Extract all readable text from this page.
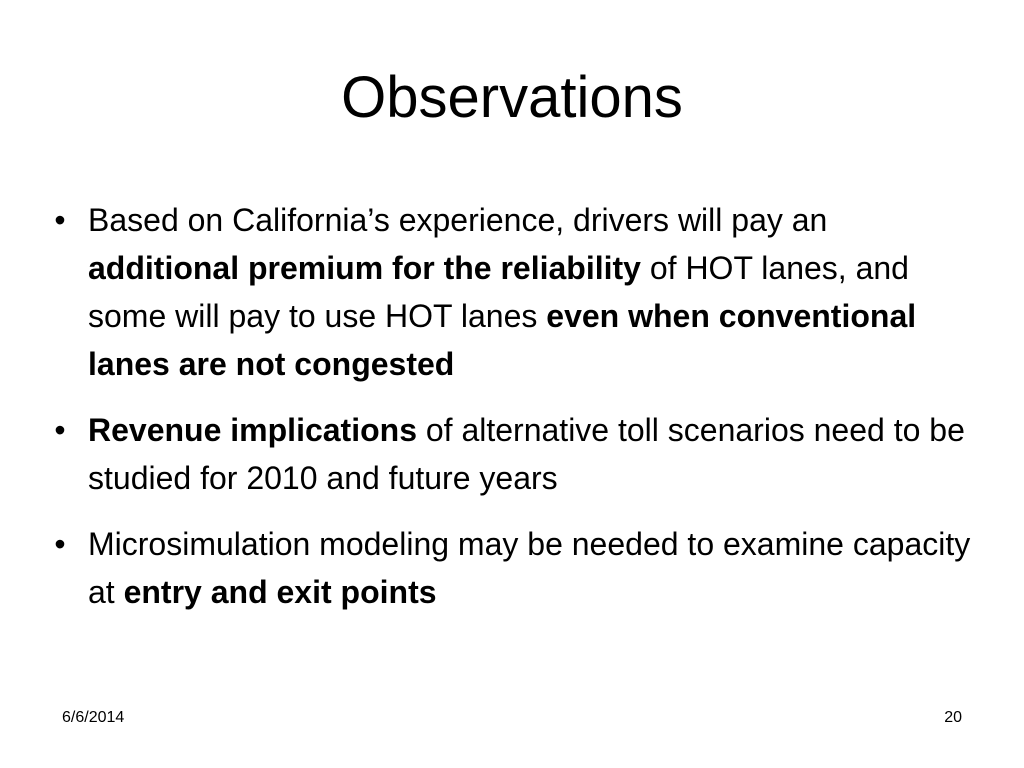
Observations
• Based on California’s experience, drivers will pay an additional premium for the reliability of HOT lanes, and some will pay to use HOT lanes even when conventional lanes are not congested
• Revenue implications of alternative toll scenarios need to be studied for 2010 and future years
• Microsimulation modeling may be needed to examine capacity at entry and exit points
6/6/2014	20
